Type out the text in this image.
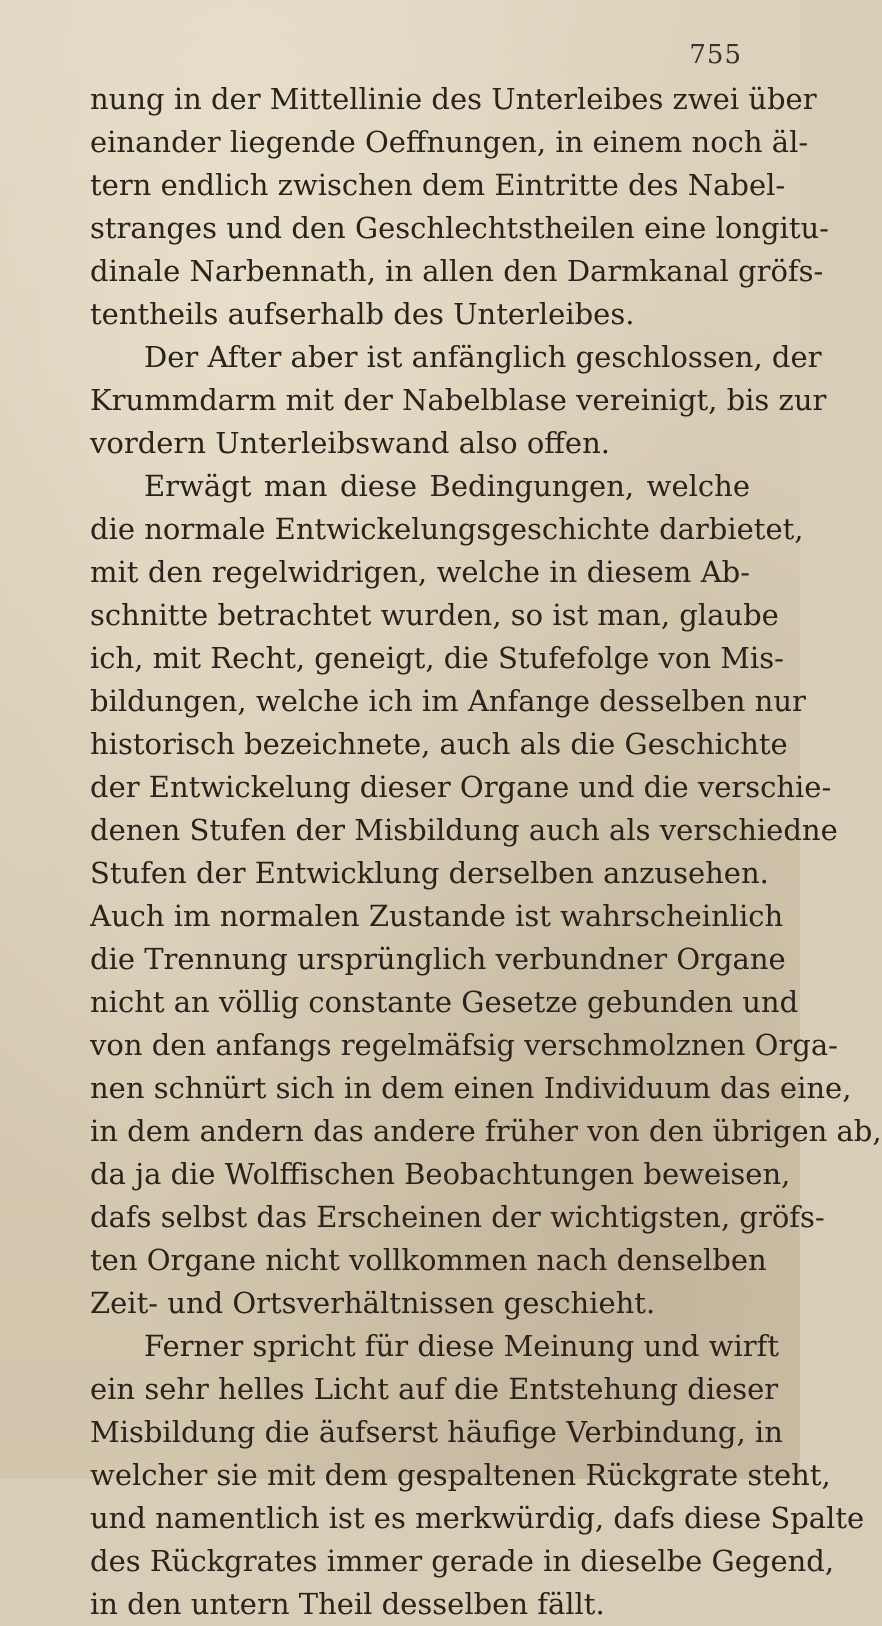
755
nung in der Mittellinie des Unterleibes zwei über
einander liegende Oeffnungen, in einem noch äl-
tern endlich zwischen dem Eintritte des Nabel-
stranges und den Geschlechtstheilen eine longitu-
dinale Narbennath, in allen den Darmkanal gröfs-
tentheils aufserhalb des Unterleibes.
Der After aber ist anfänglich geschlossen, der
Krummdarm mit der Nabelblase vereinigt, bis zur
vordern Unterleibswand also offen.
Erwägt man diese Bedingungen, welche
die normale Entwickelungsgeschichte darbietet,
mit den regelwidrigen, welche in diesem Ab-
schnitte betrachtet wurden, so ist man, glaube
ich, mit Recht, geneigt, die Stufefolge von Mis-
bildungen, welche ich im Anfange desselben nur
historisch bezeichnete, auch als die Geschichte
der Entwickelung dieser Organe und die verschie-
denen Stufen der Misbildung auch als verschiedne
Stufen der Entwicklung derselben anzusehen.
Auch im normalen Zustande ist wahrscheinlich
die Trennung ursprünglich verbundner Organe
nicht an völlig constante Gesetze gebunden und
von den anfangs regelmäfsig verschmolznen Orga-
nen schnürt sich in dem einen Individuum das eine,
in dem andern das andere früher von den übrigen ab,
da ja die Wolffischen Beobachtungen beweisen,
dafs selbst das Erscheinen der wichtigsten, gröfs-
ten Organe nicht vollkommen nach denselben
Zeit- und Ortsverhältnissen geschieht.
Ferner spricht für diese Meinung und wirft
ein sehr helles Licht auf die Entstehung dieser
Misbildung die äufserst häufige Verbindung, in
welcher sie mit dem gespaltenen Rückgrate steht,
und namentlich ist es merkwürdig, dafs diese Spalte
des Rückgrates immer gerade in dieselbe Gegend,
in den untern Theil desselben fällt.
